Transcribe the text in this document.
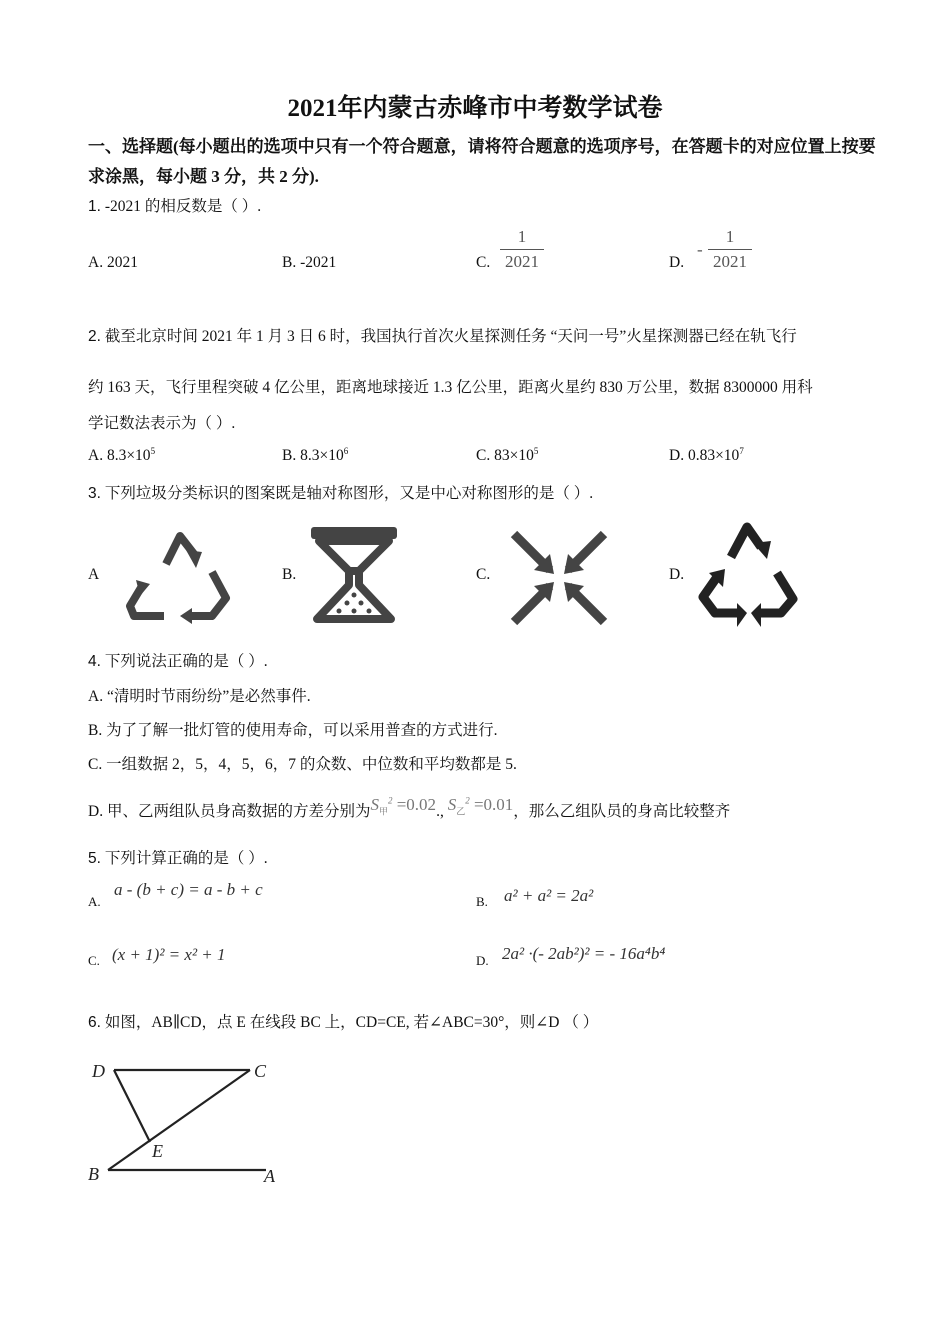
2021年内蒙古赤峰市中考数学试卷
一、选择题(每小题出的选项中只有一个符合题意，请将符合题意的选项序号，在答题卡的对应位置上按要求涂黑，每小题 3 分，共 2 分).
1. -2021 的相反数是（ ）.
A. 2021	B. -2021	C.
1
2021	D.
-
1
2021
2. 截至北京时间 2021 年 1 月 3 日 6 时，我国执行首次火星探测任务 “天问一号”火星探测器已经在轨飞行
约 163 天，飞行里程突破 4 亿公里，距离地球接近 1.3 亿公里，距离火星约 830 万公里，数据 8300000 用科
学记数法表示为（ ）.
A. $8.3\times 10^5$	B. $8.3\times 10^6$	C. $83\times 10^5$	D. $0.83\times 10^7$
3. 下列垃圾分类标识的图案既是轴对称图形，又是中心对称图形的是（ ）.
A	B.	C.	D.
4. 下列说法正确的是（ ）.
A. “清明时节雨纷纷”是必然事件.
B. 为了了解一批灯管的使用寿命，可以采用普查的方式进行.
C. 一组数据 2，5，4，5，6，7 的众数、中位数和平均数都是 5.
D. 甲、乙两组队员身高数据的方差分别为$S_甲^2 =0.02$., $S_乙^2 =0.01$，那么乙组队员的身高比较整齐
5. 下列计算正确的是（ ）.
A.
a - (b + c) = a - b + c
B. a² + a² = 2a²
C. (x + 1)² = x² + 1	D. 2a² ·(- 2ab²)² = - 16a⁴b⁴
6. 如图，AB∥CD，点 E 在线段 BC 上，CD=CE, 若∠ABC=30°，则∠D （ ）
D	C
E
B	A
